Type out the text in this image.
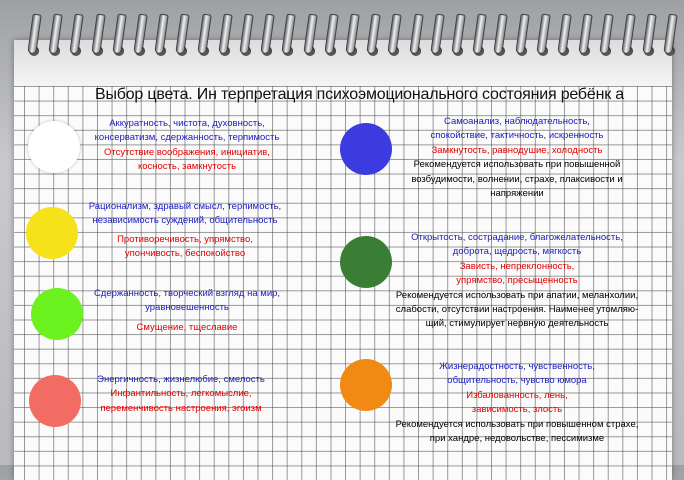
Выбор цвета. Ин терпретация психоэмоционального состояния ребёнк а
Аккуратность, чистота, духовность,
консерватизм, сдержанность, терпимость
Отсутствие воображения, инициатив,
косность, замкнутость
Рационализм, здравый смысл, терпимость,
независимость суждений, общительность
Противоречивость, упрямство,
упончивость, беспокойство
Сдержанность, творческий взгляд на мир,
уравновешенность
Смущение, тщеславие
Энергичность, жизнелюбие, смелость
Инфантильность, легкомыслие,
переменчивость настроения, эгоизм
Самоанализ, наблюдательность,
спокойствие, тактичность, искренность
Замкнутость, равнодушие, холодность
Рекомендуется использовать при повышенной
возбудимости, волнении, страхе, плаксивости и
напряжении
Открытость, сострадание, благожелательность,
доброта, щедрость, мягкость
Зависть, непреклонность,
упрямство, пресыщенность
Рекомендуется использовать при апатии, меланхолии,
слабости, отсутствии настроения. Наименее утомляю-
щий, стимулирует нервную деятельность
Жизнерадостность, чувственность,
общительность, чувство юмора
Избалованность, лень,
зависимость, злость
Рекомендуется использовать при повышенном страхе,
при хандре, недовольстве, пессимизме
